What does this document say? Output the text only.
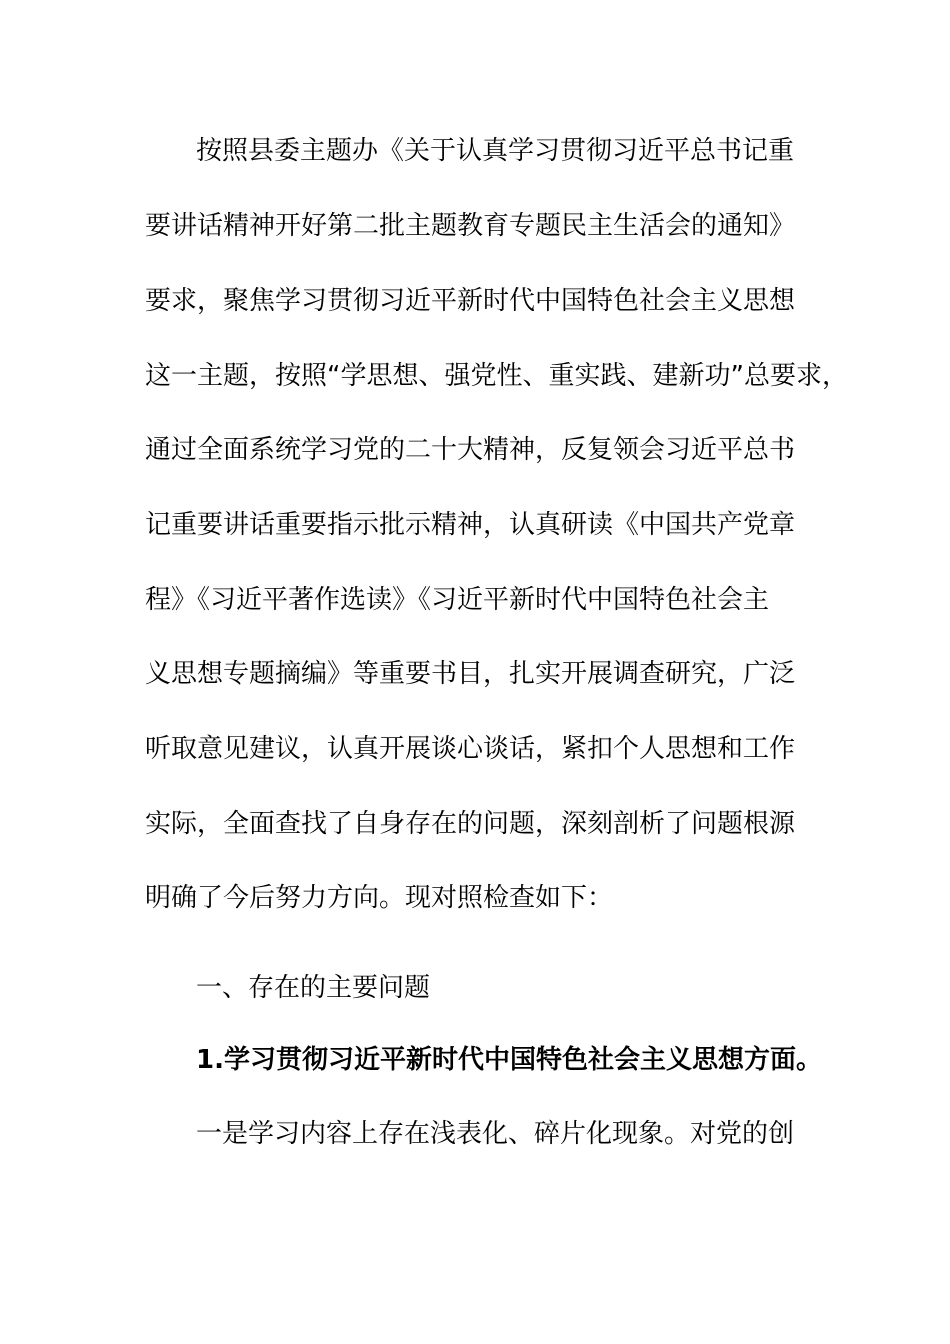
按照县委主题办《关于认真学习贯彻习近平总书记重
要讲话精神开好第二批主题教育专题民主生活会的通知》
要求，聚焦学习贯彻习近平新时代中国特色社会主义思想
这一主题，按照“学思想、强党性、重实践、建新功”总要求，
通过全面系统学习党的二十大精神，反复领会习近平总书
记重要讲话重要指示批示精神，认真研读《中国共产党章
程》《习近平著作选读》《习近平新时代中国特色社会主
义思想专题摘编》等重要书目，扎实开展调查研究，广泛
听取意见建议，认真开展谈心谈话，紧扣个人思想和工作
实际，全面查找了自身存在的问题，深刻剖析了问题根源
明确了今后努力方向。现对照检查如下：
一、存在的主要问题
1.学习贯彻习近平新时代中国特色社会主义思想方面。
一是学习内容上存在浅表化、碎片化现象。对党的创
